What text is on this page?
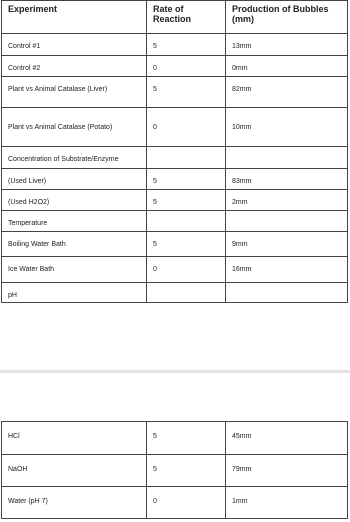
Experiment	Rate of Reaction	Production of Bubbles (mm)
Control #1	5	13mm
Control #2	0	0mm
Plant vs Animal Catalase (Liver)	5	82mm
Plant vs Animal Catalase (Potato)	0	10mm
Concentration of Substrate/Enzyme		
(Used Liver)	5	83mm
(Used H2O2)	5	2mm
Temperature		
Boiling Water Bath	5	9mm
Ice Water Bath	0	16mm
pH		
HCl	5	45mm
NaOH	5	79mm
Water (pH 7)	0	1mm
